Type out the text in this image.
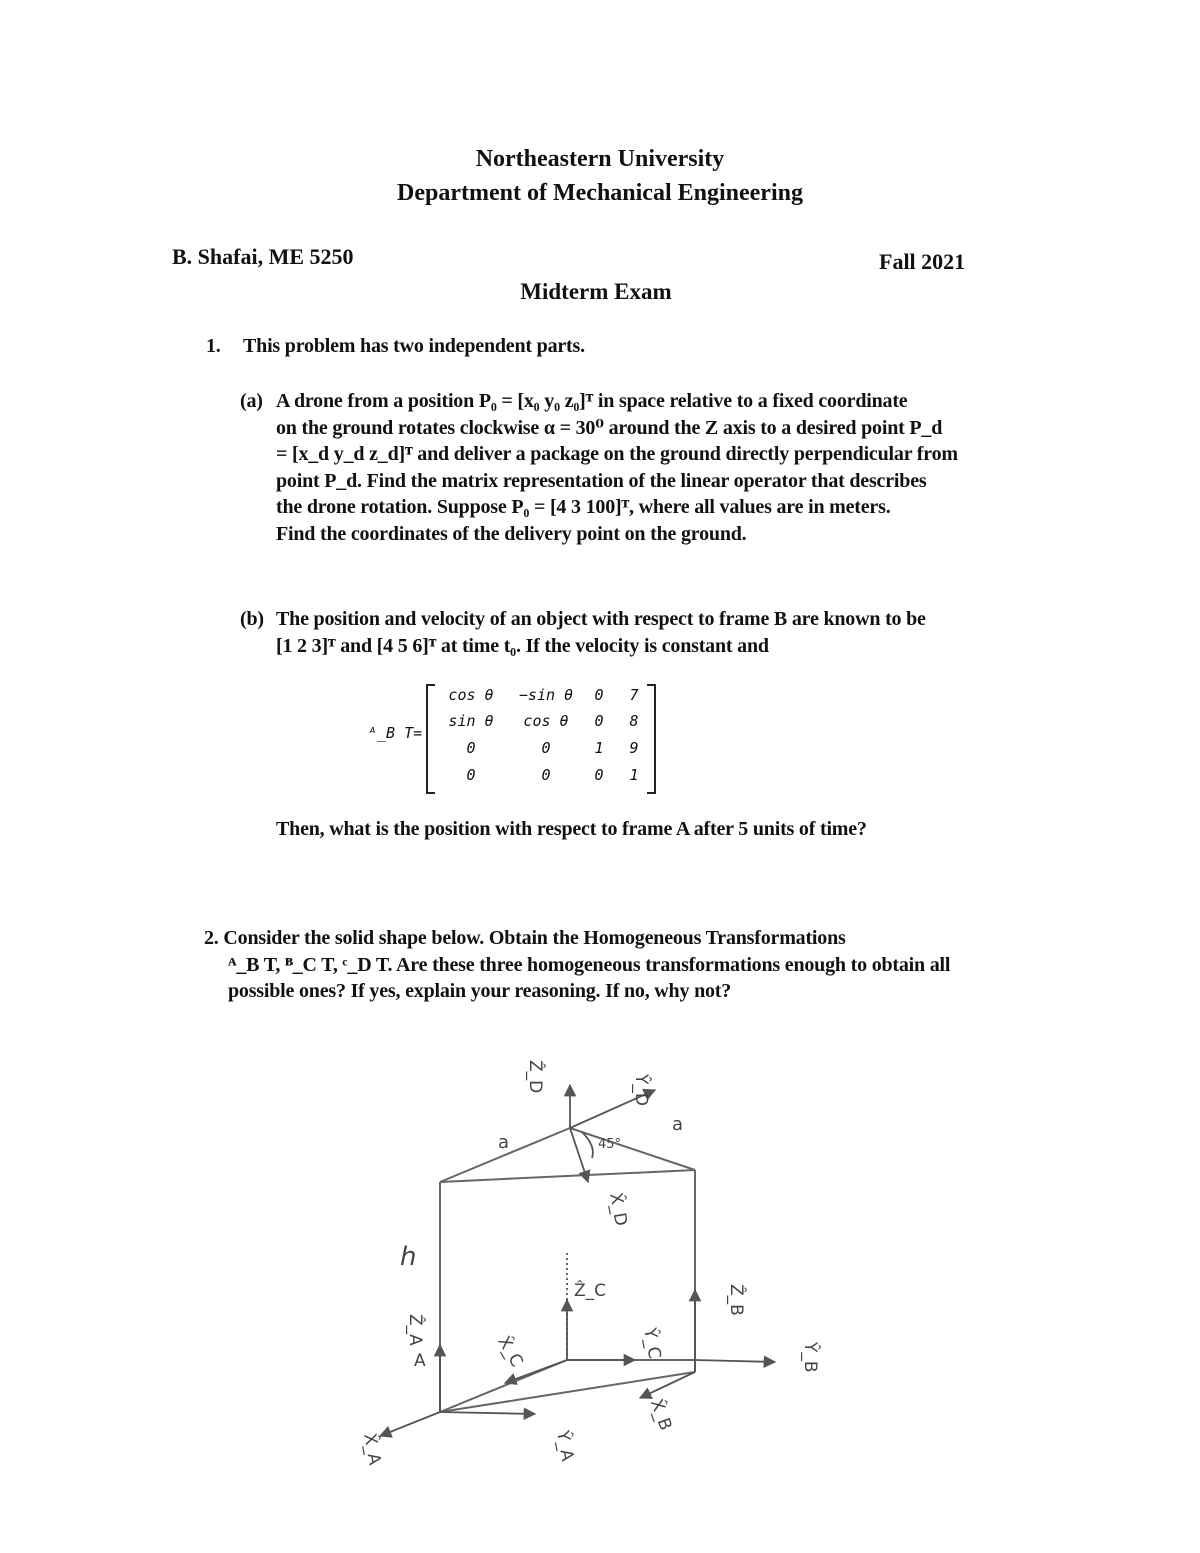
Northeastern University
Department of Mechanical Engineering
B. Shafai, ME 5250	Fall 2021
Midterm Exam
1. This problem has two independent parts.
(a) A drone from a position P₀ = [x₀ y₀ z₀]ᵀ in space relative to a fixed coordinate
on the ground rotates clockwise α = 30⁰ around the Z axis to a desired point P_d
= [x_d y_d z_d]ᵀ and deliver a package on the ground directly perpendicular from
point P_d. Find the matrix representation of the linear operator that describes
the drone rotation. Suppose P₀ = [4 3 100]ᵀ, where all values are in meters.
Find the coordinates of the delivery point on the ground.
(b) The position and velocity of an object with respect to frame B are known to be
[1 2 3]ᵀ and [4 5 6]ᵀ at time t₀. If the velocity is constant and
ᴬ_B T=
cos θ	−sin θ	0	7
sin θ	cos θ	0	8
0	0	1	9
0	0	0	1
Then, what is the position with respect to frame A after 5 units of time?
2. Consider the solid shape below. Obtain the Homogeneous Transformations
ᴬ_B T, ᴮ_C T, ᶜ_D T. Are these three homogeneous transformations enough to obtain all
possible ones? If yes, explain your reasoning. If no, why not?
Ẑ_D	Ŷ_D
X̂_D
45°
a
a
h
Ẑ_A
A	X̂_C
Ẑ_C
Ŷ_C
Ẑ_B
Ŷ_B
X̂_A	Ŷ_A
X̂_B
